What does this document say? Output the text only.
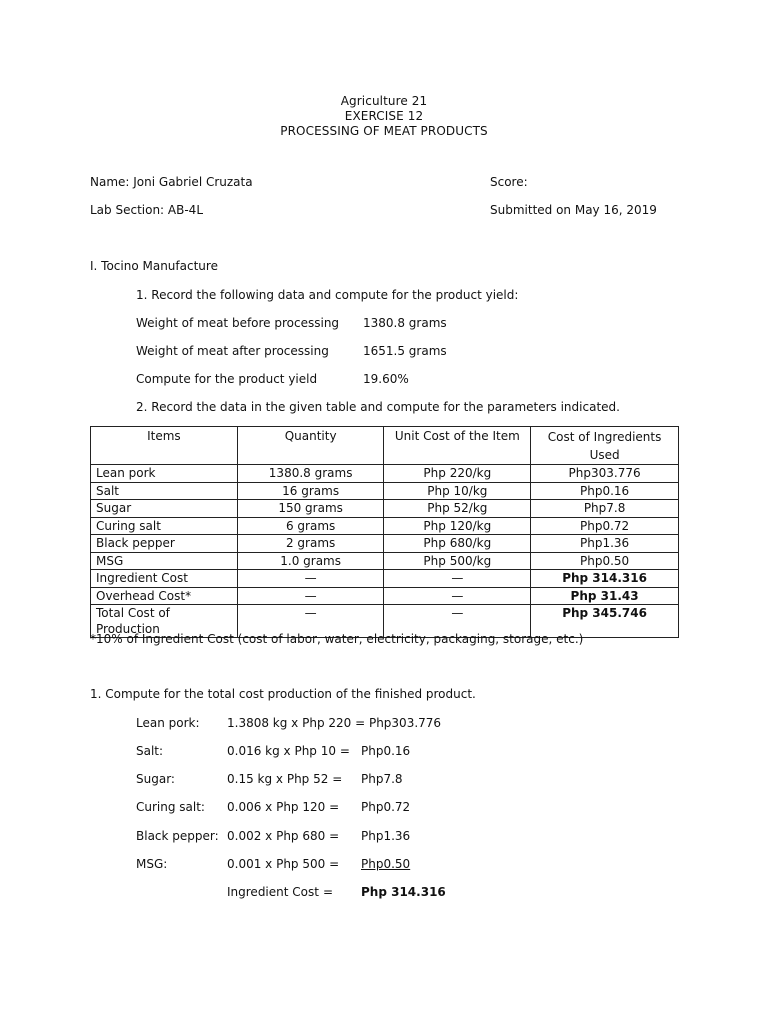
Agriculture 21
EXERCISE 12
PROCESSING OF MEAT PRODUCTS
Name: Joni Gabriel Cruzata	Score:
Lab Section: AB-4L	Submitted on May 16, 2019
I. Tocino Manufacture
1. Record the following data and compute for the product yield:
Weight of meat before processing 1380.8 grams
Weight of meat after processing	1651.5 grams
Compute for the product yield	19.60%
2. Record the data in the given table and compute for the parameters indicated.
Items	Quantity	Unit Cost of the Item	Cost of Ingredients Used
Lean pork	1380.8 grams	Php 220/kg	Php303.776
Salt	16 grams	Php 10/kg	Php0.16
Sugar	150 grams	Php 52/kg	Php7.8
Curing salt	6 grams	Php 120/kg	Php0.72
Black pepper	2 grams	Php 680/kg	Php1.36
MSG	1.0 grams	Php 500/kg	Php0.50
Ingredient Cost	—	—	Php 314.316
Overhead Cost*	—	—	Php 31.43
Total Cost of Production	—	—	Php 345.746
*10% of Ingredient Cost (cost of labor, water, electricity, packaging, storage, etc.)
1. Compute for the total cost production of the finished product.
Lean pork: 1.3808 kg x Php 220 = Php303.776
Salt:	0.016 kg x Php 10 = Php0.16
Sugar:	0.15 kg x Php 52 = Php7.8
Curing salt: 0.006 x Php 120 = Php0.72
Black pepper: 0.002 x Php 680 = Php1.36
MSG:	0.001 x Php 500 = Php0.50
Ingredient Cost = Php 314.316
